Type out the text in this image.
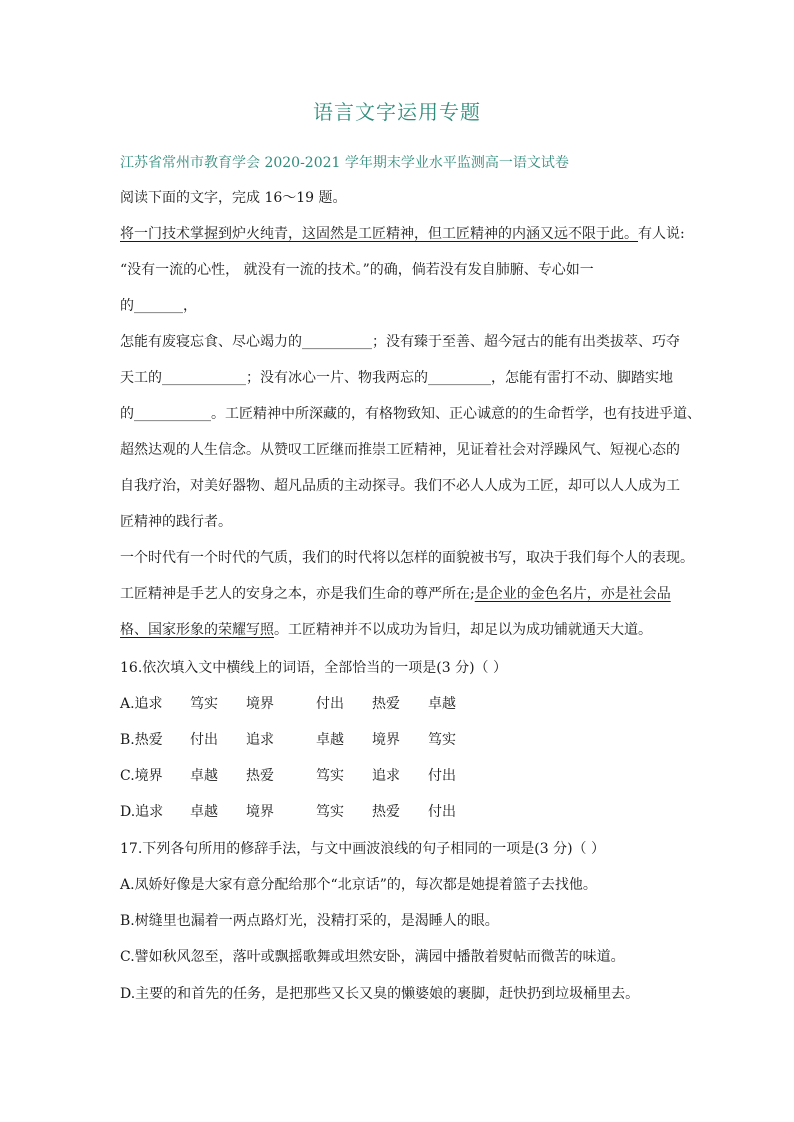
语言文字运用专题
江苏省常州市教育学会 2020-2021 学年期末学业水平监测高一语文试卷
阅读下面的文字，完成 16～19 题。
将一门技术掌握到炉火纯青，这固然是工匠精神，但工匠精神的内涵又远不限于此。有人说:
“没有一流的心性， 就没有一流的技术。”的确，倘若没有发自肺腑、专心如一
的_______，
怎能有废寝忘食、尽心竭力的__________；没有臻于至善、超今冠古的能有出类拔萃、巧夺
天工的____________；没有冰心一片、物我两忘的_________，怎能有雷打不动、脚踏实地
的___________。工匠精神中所深藏的，有格物致知、正心诚意的的生命哲学，也有技进乎道、
超然达观的人生信念。从赞叹工匠继而推崇工匠精神，见证着社会对浮躁风气、短视心态的
自我疗治，对美好器物、超凡品质的主动探寻。我们不必人人成为工匠，却可以人人成为工
匠精神的践行者。
一个时代有一个时代的气质，我们的时代将以怎样的面貌被书写，取决于我们每个人的表现。
工匠精神是手艺人的安身之本，亦是我们生命的尊严所在;是企业的金色名片，亦是社会品
格、国家形象的荣耀写照。工匠精神并不以成功为旨归，却足以为成功铺就通天大道。
16.依次填入文中横线上的词语，全部恰当的一项是(3 分)（ ）
A.追求 笃实 境界	付出 热爱 卓越
B.热爱 付出 追求	卓越 境界 笃实
C.境界 卓越 热爱	笃实 追求 付出
D.追求 卓越 境界	笃实 热爱 付出
17.下列各句所用的修辞手法，与文中画波浪线的句子相同的一项是(3 分)（ ）
A.凤娇好像是大家有意分配给那个“北京话”的，每次都是她提着篮子去找他。
B.树缝里也漏着一两点路灯光，没精打采的，是渴睡人的眼。
C.譬如秋风忽至，落叶或飘摇歌舞或坦然安卧，满园中播散着熨帖而微苦的味道。
D.主要的和首先的任务，是把那些又长又臭的懒婆娘的裹脚，赶快扔到垃圾桶里去。
